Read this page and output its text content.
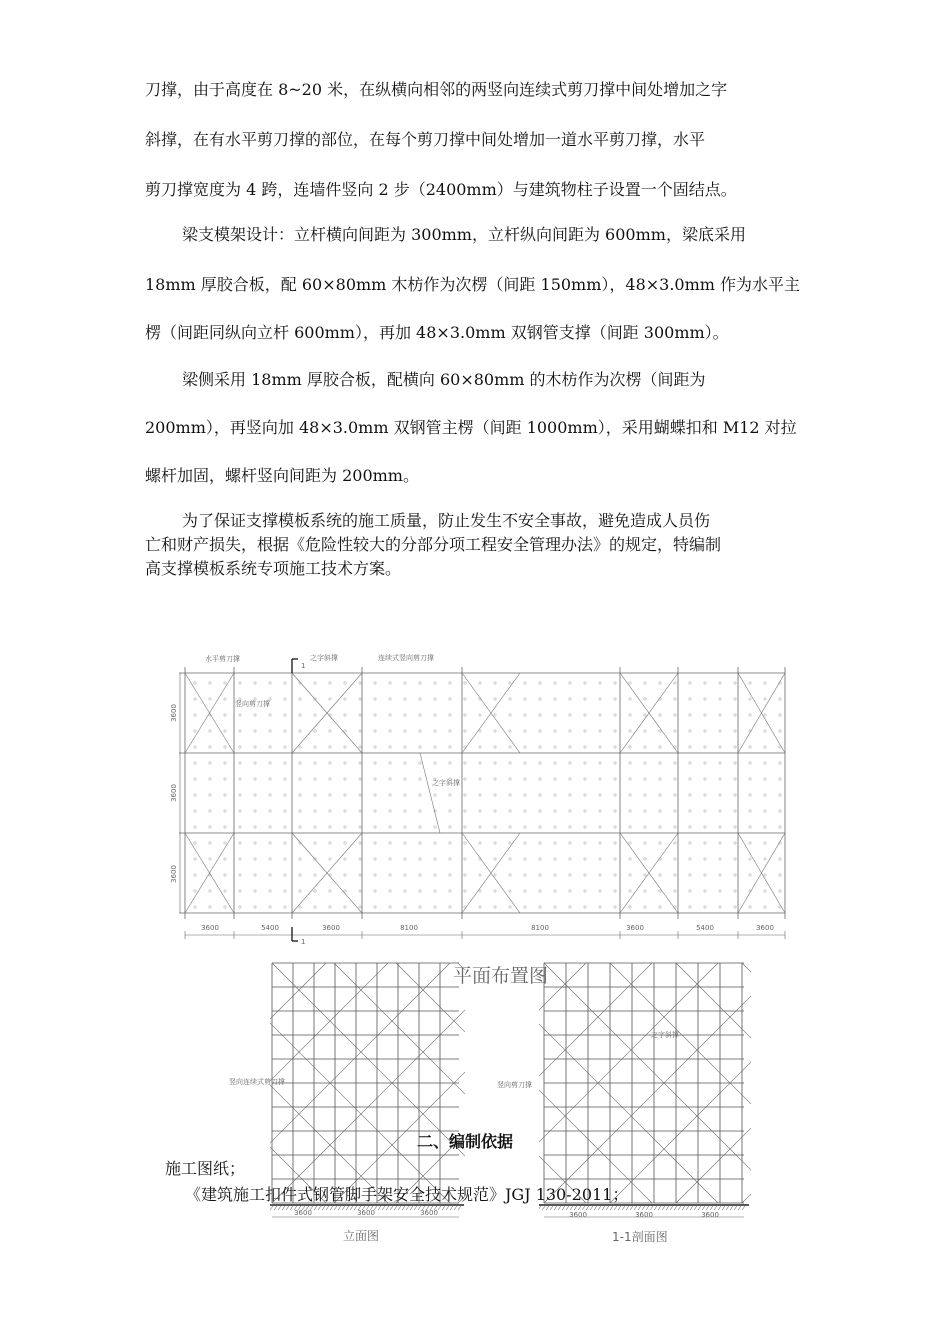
刀撑，由于高度在 8~20 米，在纵横向相邻的两竖向连续式剪刀撑中间处增加之字
斜撑，在有水平剪刀撑的部位，在每个剪刀撑中间处增加一道水平剪刀撑，水平
剪刀撑宽度为 4 跨，连墙件竖向 2 步（2400mm）与建筑物柱子设置一个固结点。
梁支模架设计：立杆横向间距为 300mm，立杆纵向间距为 600mm，梁底采用
18mm 厚胶合板，配 60×80mm 木枋作为次楞（间距 150mm），48×3.0mm 作为水平主
楞（间距同纵向立杆 600mm），再加 48×3.0mm 双钢管支撑（间距 300mm）。
梁侧采用 18mm 厚胶合板，配横向 60×80mm 的木枋作为次楞（间距为
200mm），再竖向加 48×3.0mm 双钢管主楞（间距 1000mm），采用蝴蝶扣和 M12 对拉
螺杆加固，螺杆竖向间距为 200mm。
为了保证支撑模板系统的施工质量，防止发生不安全事故，避免造成人员伤
亡和财产损失，根据《危险性较大的分部分项工程安全管理办法》的规定，特编制
高支撑模板系统专项施工技术方案。
水平剪刀撑	之字斜撑	连续式竖向剪刀撑
竖向剪刀撑
之字斜撑
1
1
3600
3600
3600
3600	5400	3600	8100	8100	3600	5400	3600
平面布置图
竖向连续式剪刀撑
3600	3600	3600
立面图
竖向剪刀撑
之字斜撑
3600	3600	3600
1-1剖面图
二、编制依据
施工图纸；
《建筑施工扣件式钢管脚手架安全技术规范》JGJ 130-2011；
